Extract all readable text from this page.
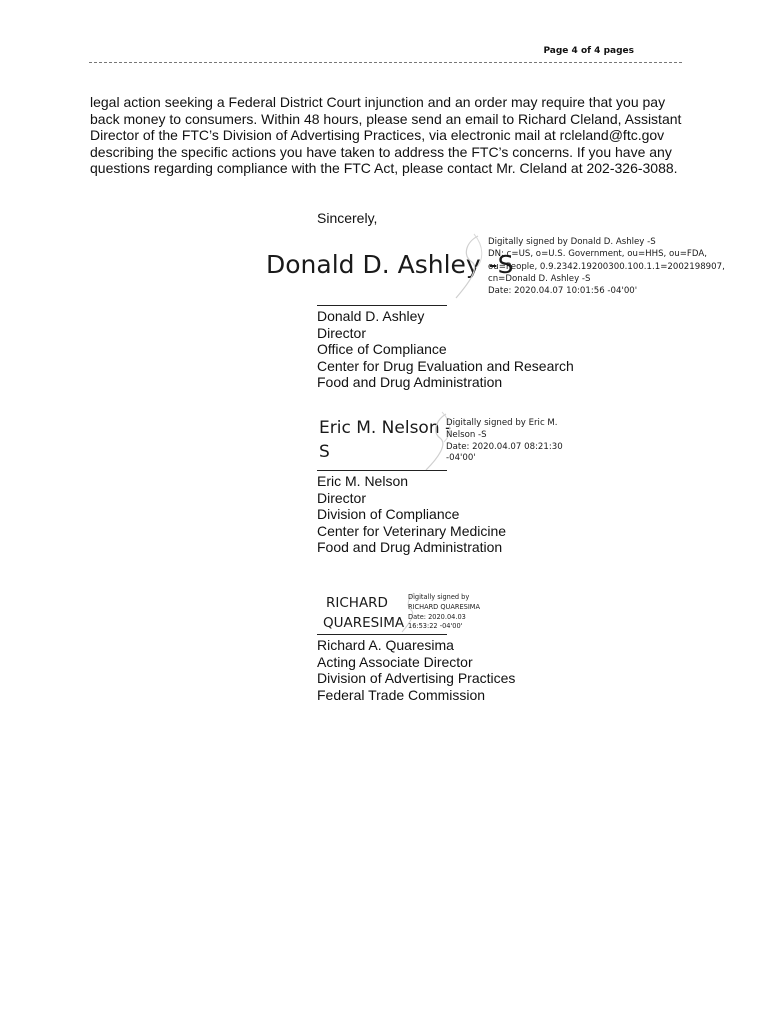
Page 4 of 4 pages

legal action seeking a Federal District Court injunction and an order may require that you pay
back money to consumers. Within 48 hours, please send an email to Richard Cleland, Assistant
Director of the FTC’s Division of Advertising Practices, via electronic mail at rcleland@ftc.gov
describing the specific actions you have taken to address the FTC’s concerns. If you have any
questions regarding compliance with the FTC Act, please contact Mr. Cleland at 202-326-3088.

Sincerely,
Donald D. Ashley -S
Digitally signed by Donald D. Ashley -S
DN: c=US, o=U.S. Government, ou=HHS, ou=FDA,
ou=People, 0.9.2342.19200300.100.1.1=2002198907,
cn=Donald D. Ashley -S
Date: 2020.04.07 10:01:56 -04'00'
Donald D. Ashley
Director
Office of Compliance
Center for Drug Evaluation and Research
Food and Drug Administration
Eric M. Nelson -
S
Digitally signed by Eric M.
Nelson -S
Date: 2020.04.07 08:21:30
-04'00'
Eric M. Nelson
Director
Division of Compliance
Center for Veterinary Medicine
Food and Drug Administration
RICHARD
QUARESIMA
Digitally signed by
RICHARD QUARESIMA
Date: 2020.04.03
16:53:22 -04'00'
Richard A. Quaresima
Acting Associate Director
Division of Advertising Practices
Federal Trade Commission
